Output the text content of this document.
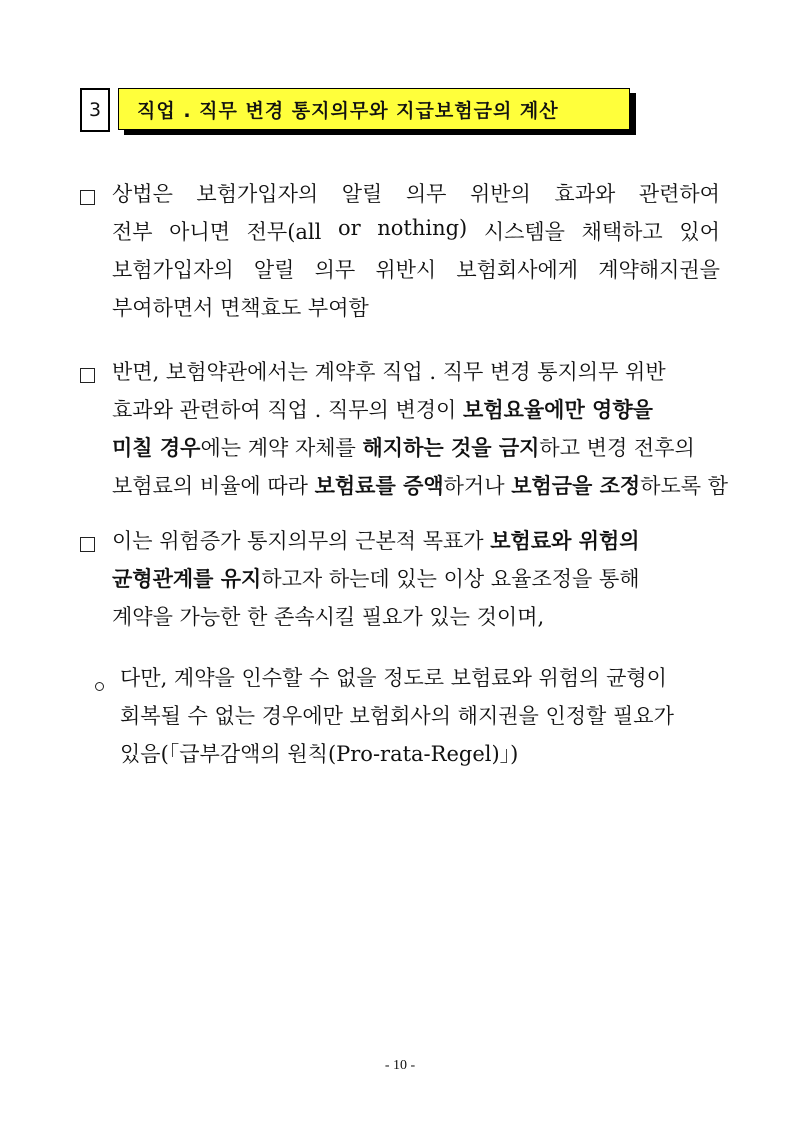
3	직업 . 직무 변경 통지의무와 지급보험금의 계산
상법은 보험가입자의 알릴 의무 위반의 효과와 관련하여
전부 아니면 전무(all or nothing) 시스템을 채택하고 있어
보험가입자의 알릴 의무 위반시 보험회사에게 계약해지권을
부여하면서 면책효도 부여함
반면, 보험약관에서는 계약후 직업 . 직무 변경 통지의무 위반
효과와 관련하여 직업 . 직무의 변경이 보험요율에만 영향을
미칠 경우에는 계약 자체를 해지하는 것을 금지하고 변경 전후의
보험료의 비율에 따라 보험료를 증액하거나 보험금을 조정하도록 함
이는 위험증가 통지의무의 근본적 목표가 보험료와 위험의
균형관계를 유지하고자 하는데 있는 이상 요율조정을 통해
계약을 가능한 한 존속시킬 필요가 있는 것이며,
다만, 계약을 인수할 수 없을 정도로 보험료와 위험의 균형이
회복될 수 없는 경우에만 보험회사의 해지권을 인정할 필요가
있음(｢급부감액의 원칙(Pro-rata-Regel)｣)
- 10 -
